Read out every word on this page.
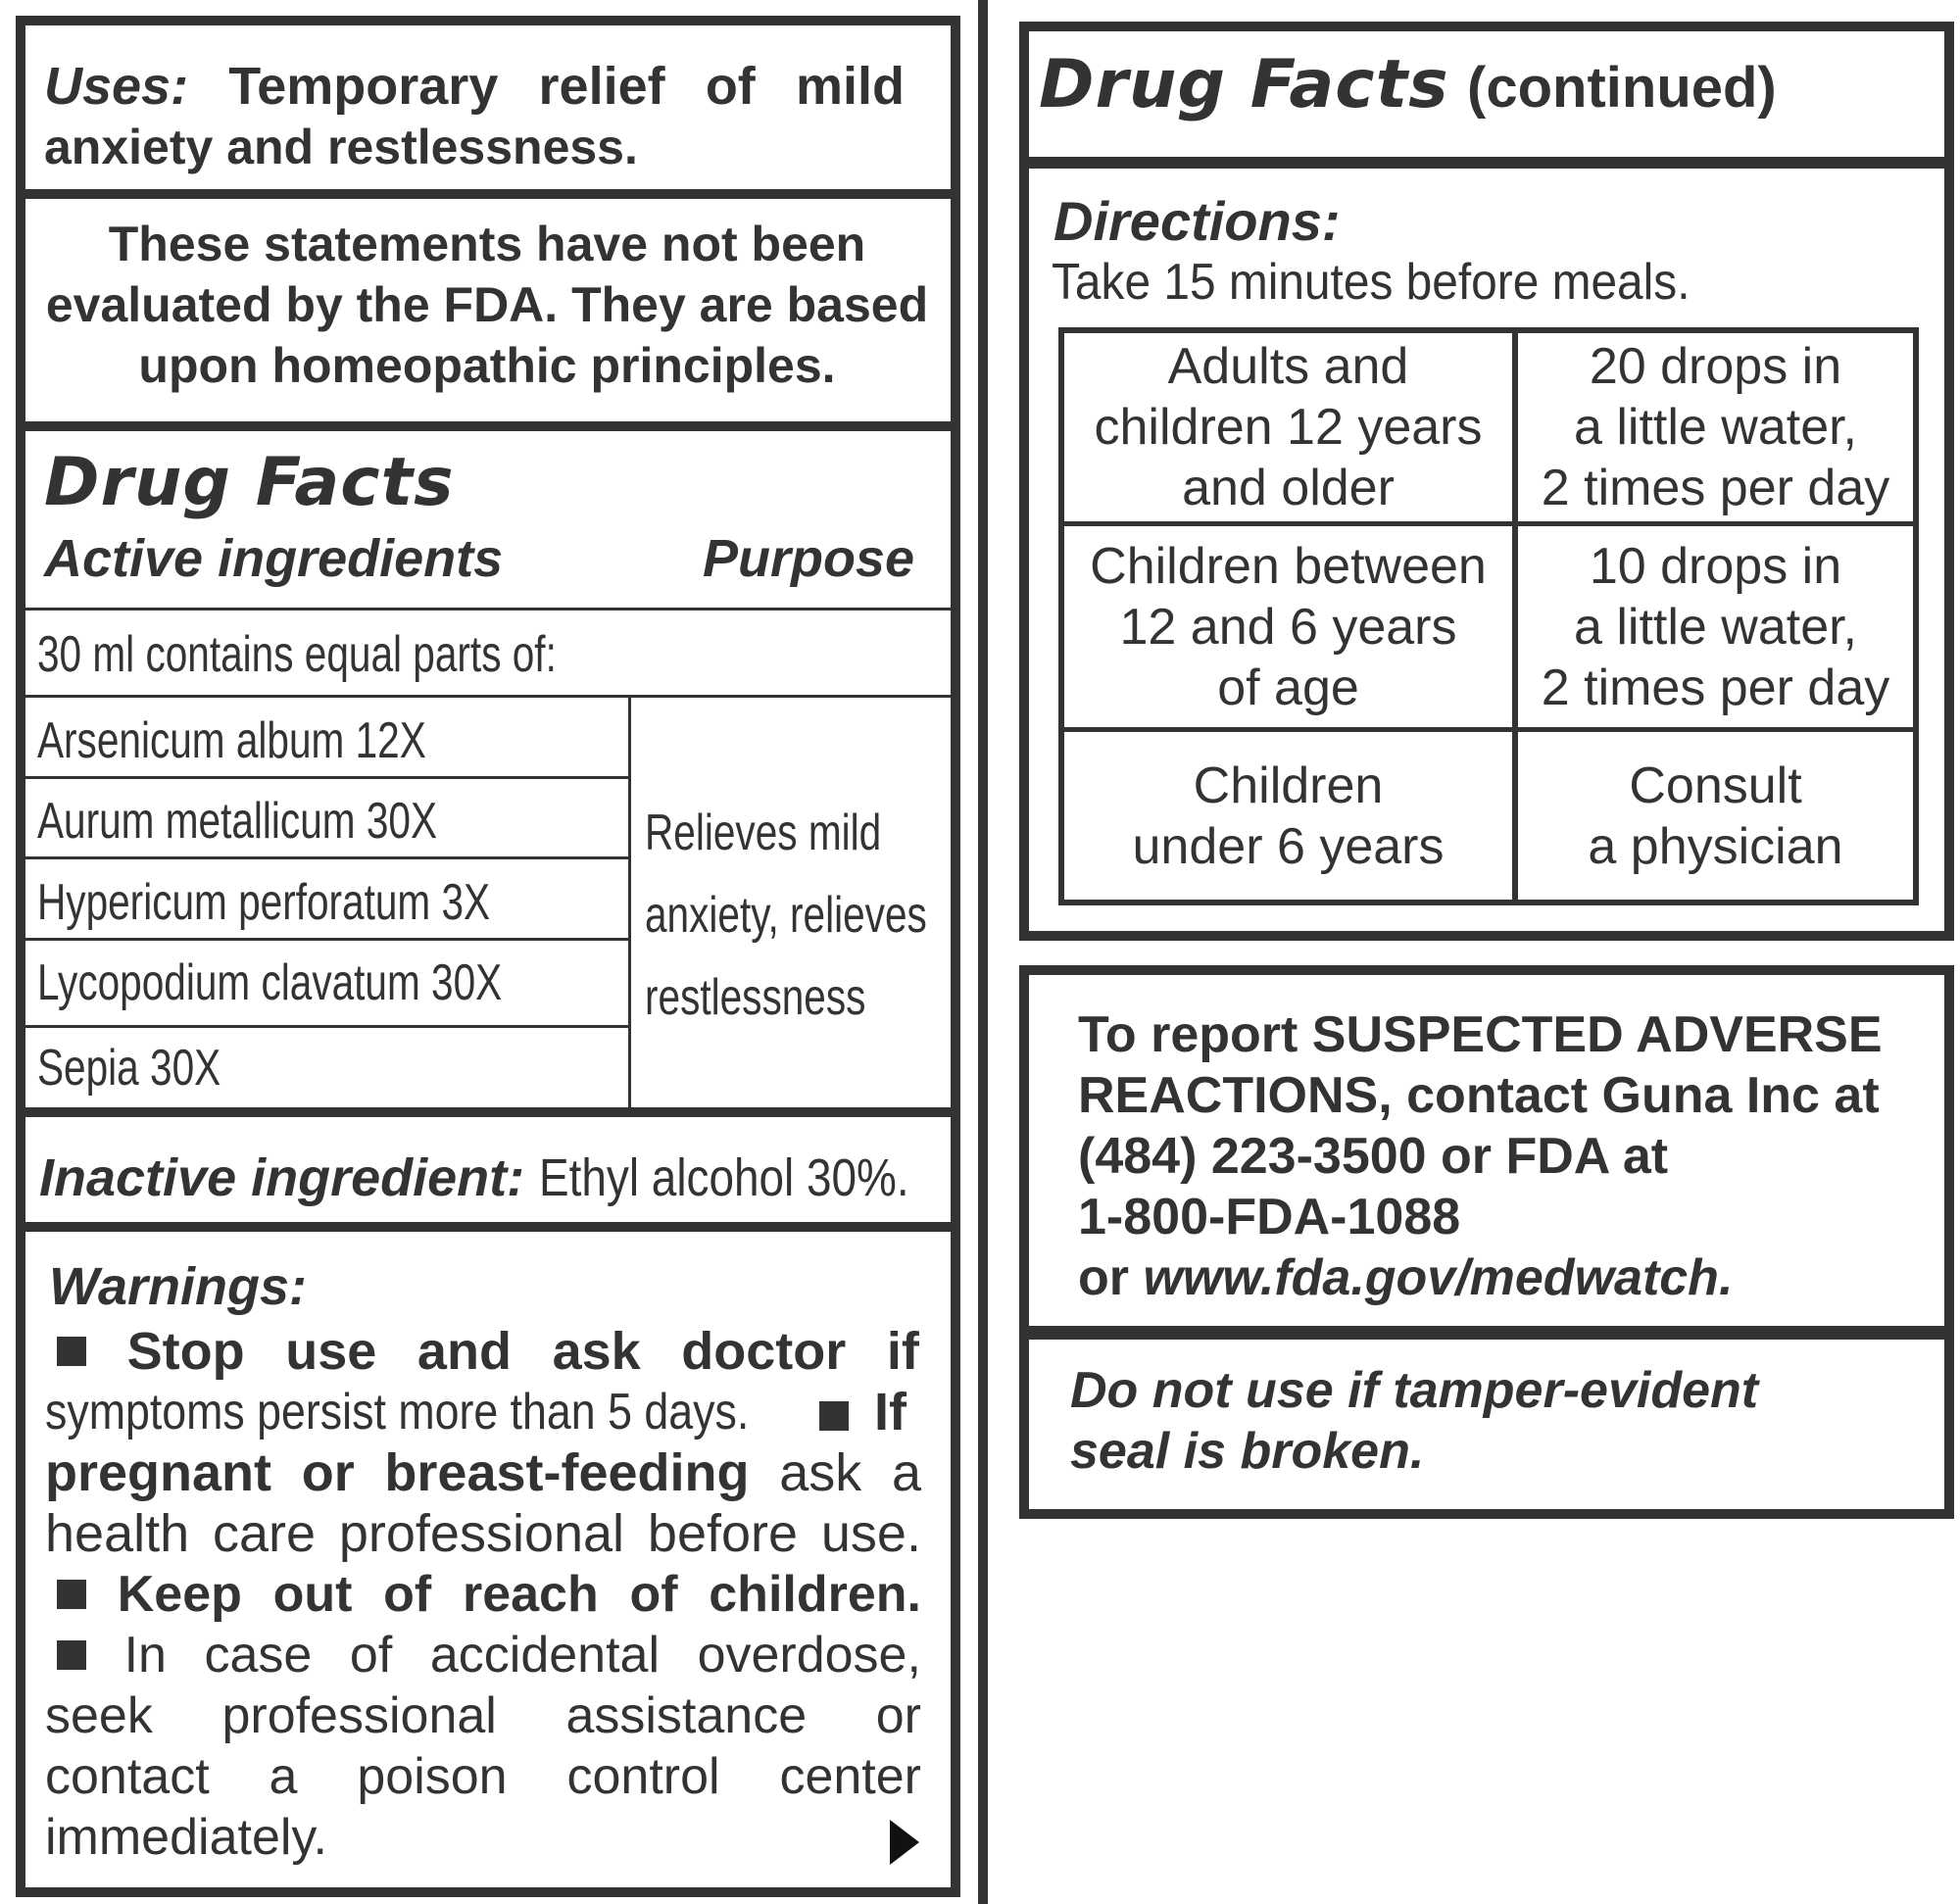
Uses: Temporary relief of mild
anxiety and restlessness.
These statements have not been
evaluated by the FDA. They are based
upon homeopathic principles.
Drug Facts
Active ingredients	Purpose
30 ml contains equal parts of:
Arsenicum album 12X
Aurum metallicum 30X
Hypericum perforatum 3X
Lycopodium clavatum 30X
Sepia 30X
Relieves mild
anxiety, relieves
restlessness
Inactive ingredient: Ethyl alcohol 30%.
Warnings:
Stop use and ask doctor if
symptoms persist more than 5 days.	If
pregnant or breast-feeding ask a
health care professional before use.
Keep out of reach of children.
In case of accidental overdose,
seek professional assistance or
contact a poison control center
immediately.
Drug Facts (continued)
Directions:
Take 15 minutes before meals.
Adults and
children 12 years
and older
20 drops in
a little water,
2 times per day
Children between
12 and 6 years
of age
10 drops in
a little water,
2 times per day
Children
under 6 years
Consult
a physician
To report SUSPECTED ADVERSE
REACTIONS, contact Guna Inc at
(484) 223-3500 or FDA at
1-800-FDA-1088
or www.fda.gov/medwatch.
Do not use if tamper-evident
seal is broken.
